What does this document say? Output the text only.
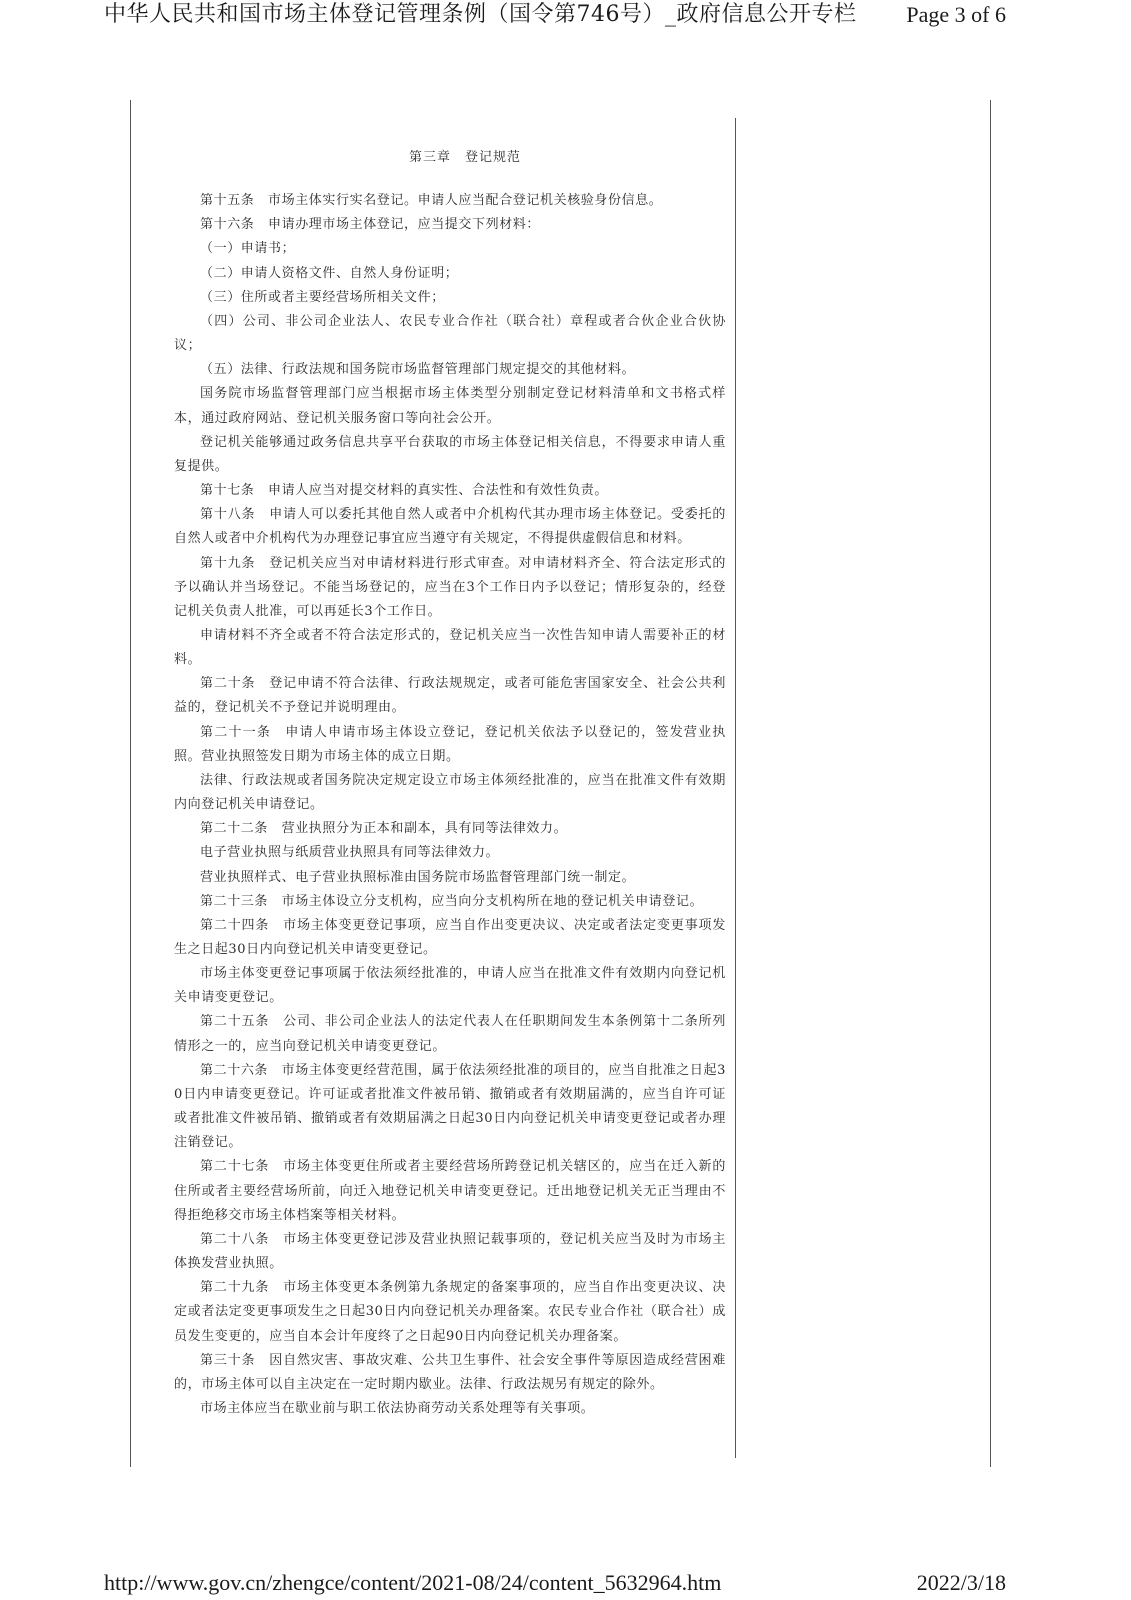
中华人民共和国市场主体登记管理条例（国令第746号）_政府信息公开专栏 Page 3 of 6
第三章　登记规范

第十五条　市场主体实行实名登记。申请人应当配合登记机关核验身份信息。

第十六条　申请办理市场主体登记，应当提交下列材料：

（一）申请书；

（二）申请人资格文件、自然人身份证明；

（三）住所或者主要经营场所相关文件；

（四）公司、非公司企业法人、农民专业合作社（联合社）章程或者合伙企业合伙协议；

（五）法律、行政法规和国务院市场监督管理部门规定提交的其他材料。

国务院市场监督管理部门应当根据市场主体类型分别制定登记材料清单和文书格式样本，通过政府网站、登记机关服务窗口等向社会公开。

登记机关能够通过政务信息共享平台获取的市场主体登记相关信息，不得要求申请人重复提供。

第十七条　申请人应当对提交材料的真实性、合法性和有效性负责。

第十八条　申请人可以委托其他自然人或者中介机构代其办理市场主体登记。受委托的自然人或者中介机构代为办理登记事宜应当遵守有关规定，不得提供虚假信息和材料。

第十九条　登记机关应当对申请材料进行形式审查。对申请材料齐全、符合法定形式的予以确认并当场登记。不能当场登记的，应当在3个工作日内予以登记；情形复杂的，经登记机关负责人批准，可以再延长3个工作日。

申请材料不齐全或者不符合法定形式的，登记机关应当一次性告知申请人需要补正的材料。

第二十条　登记申请不符合法律、行政法规规定，或者可能危害国家安全、社会公共利益的，登记机关不予登记并说明理由。

第二十一条　申请人申请市场主体设立登记，登记机关依法予以登记的，签发营业执照。营业执照签发日期为市场主体的成立日期。

法律、行政法规或者国务院决定规定设立市场主体须经批准的，应当在批准文件有效期内向登记机关申请登记。

第二十二条　营业执照分为正本和副本，具有同等法律效力。

电子营业执照与纸质营业执照具有同等法律效力。

营业执照样式、电子营业执照标准由国务院市场监督管理部门统一制定。

第二十三条　市场主体设立分支机构，应当向分支机构所在地的登记机关申请登记。

第二十四条　市场主体变更登记事项，应当自作出变更决议、决定或者法定变更事项发生之日起30日内向登记机关申请变更登记。

市场主体变更登记事项属于依法须经批准的，申请人应当在批准文件有效期内向登记机关申请变更登记。

第二十五条　公司、非公司企业法人的法定代表人在任职期间发生本条例第十二条所列情形之一的，应当向登记机关申请变更登记。

第二十六条　市场主体变更经营范围，属于依法须经批准的项目的，应当自批准之日起30日内申请变更登记。许可证或者批准文件被吊销、撤销或者有效期届满的，应当自许可证或者批准文件被吊销、撤销或者有效期届满之日起30日内向登记机关申请变更登记或者办理注销登记。

第二十七条　市场主体变更住所或者主要经营场所跨登记机关辖区的，应当在迁入新的住所或者主要经营场所前，向迁入地登记机关申请变更登记。迁出地登记机关无正当理由不得拒绝移交市场主体档案等相关材料。

第二十八条　市场主体变更登记涉及营业执照记载事项的，登记机关应当及时为市场主体换发营业执照。

第二十九条　市场主体变更本条例第九条规定的备案事项的，应当自作出变更决议、决定或者法定变更事项发生之日起30日内向登记机关办理备案。农民专业合作社（联合社）成员发生变更的，应当自本会计年度终了之日起90日内向登记机关办理备案。

第三十条　因自然灾害、事故灾难、公共卫生事件、社会安全事件等原因造成经营困难的，市场主体可以自主决定在一定时期内歇业。法律、行政法规另有规定的除外。

市场主体应当在歇业前与职工依法协商劳动关系处理等有关事项。

http://www.gov.cn/zhengce/content/2021-08/24/content_5632964.htm	2022/3/18
